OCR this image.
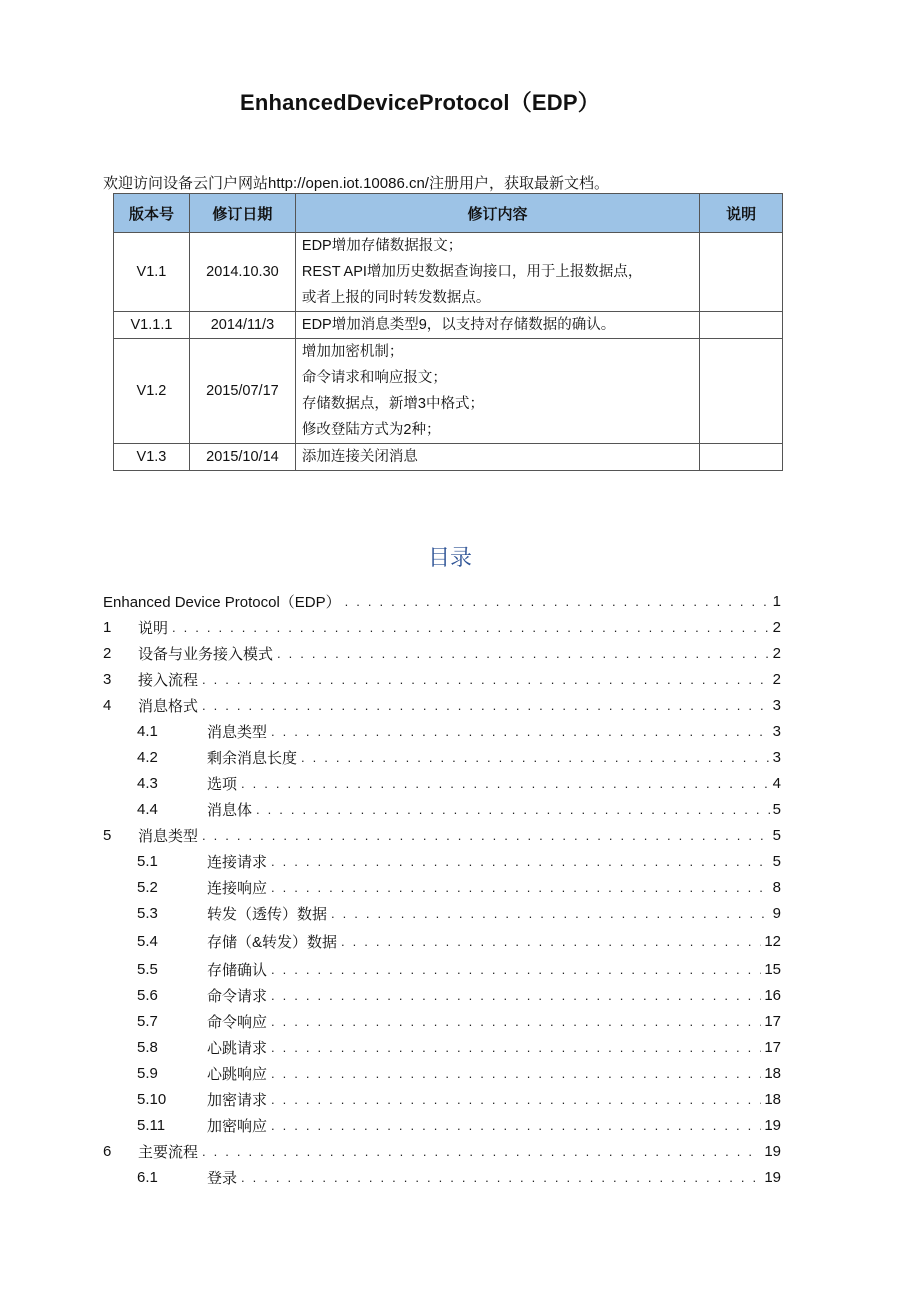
EnhancedDeviceProtocol（EDP）
欢迎访问设备云门户网站http://open.iot.10086.cn/注册用户，获取最新文档。
版本号	修订日期	修订内容	说明
V1.1	2014.10.30	EDP增加存储数据报文；
REST API增加历史数据查询接口，用于上报数据点，
或者上报的同时转发数据点。	

V1.1.1	2014/11/3	EDP增加消息类型9，以支持对存储数据的确认。	

V1.2	2015/07/17	增加加密机制；
命令请求和响应报文；
存储数据点，新增3中格式；
修改登陆方式为2种；	

V1.3	2015/10/14	添加连接关闭消息	

目录
Enhanced Device Protocol（EDP） . . .	1
1	说明 . . .	2
2	设备与业务接入模式 . . .	2
3	接入流程 . . .	2
4	消息格式 . . .	3
4.1	消息类型 . . .	3
4.2	剩余消息长度 . . .	3
4.3	选项 . . .	4
4.4	消息体 . . .	5
5	消息类型 . . .	5
5.1	连接请求 . . .	5
5.2	连接响应 . . .	8
5.3	转发（透传）数据 . . .	9
5.4	存储（&转发）数据 . . .	12
5.5	存储确认 . . .	15
5.6	命令请求 . . .	16
5.7	命令响应 . . .	17
5.8	心跳请求 . . .	17
5.9	心跳响应 . . .	18
5.10	加密请求 . . .	18
5.11	加密响应 . . .	19
6	主要流程 . . .	19
6.1	登录 . . .	19
